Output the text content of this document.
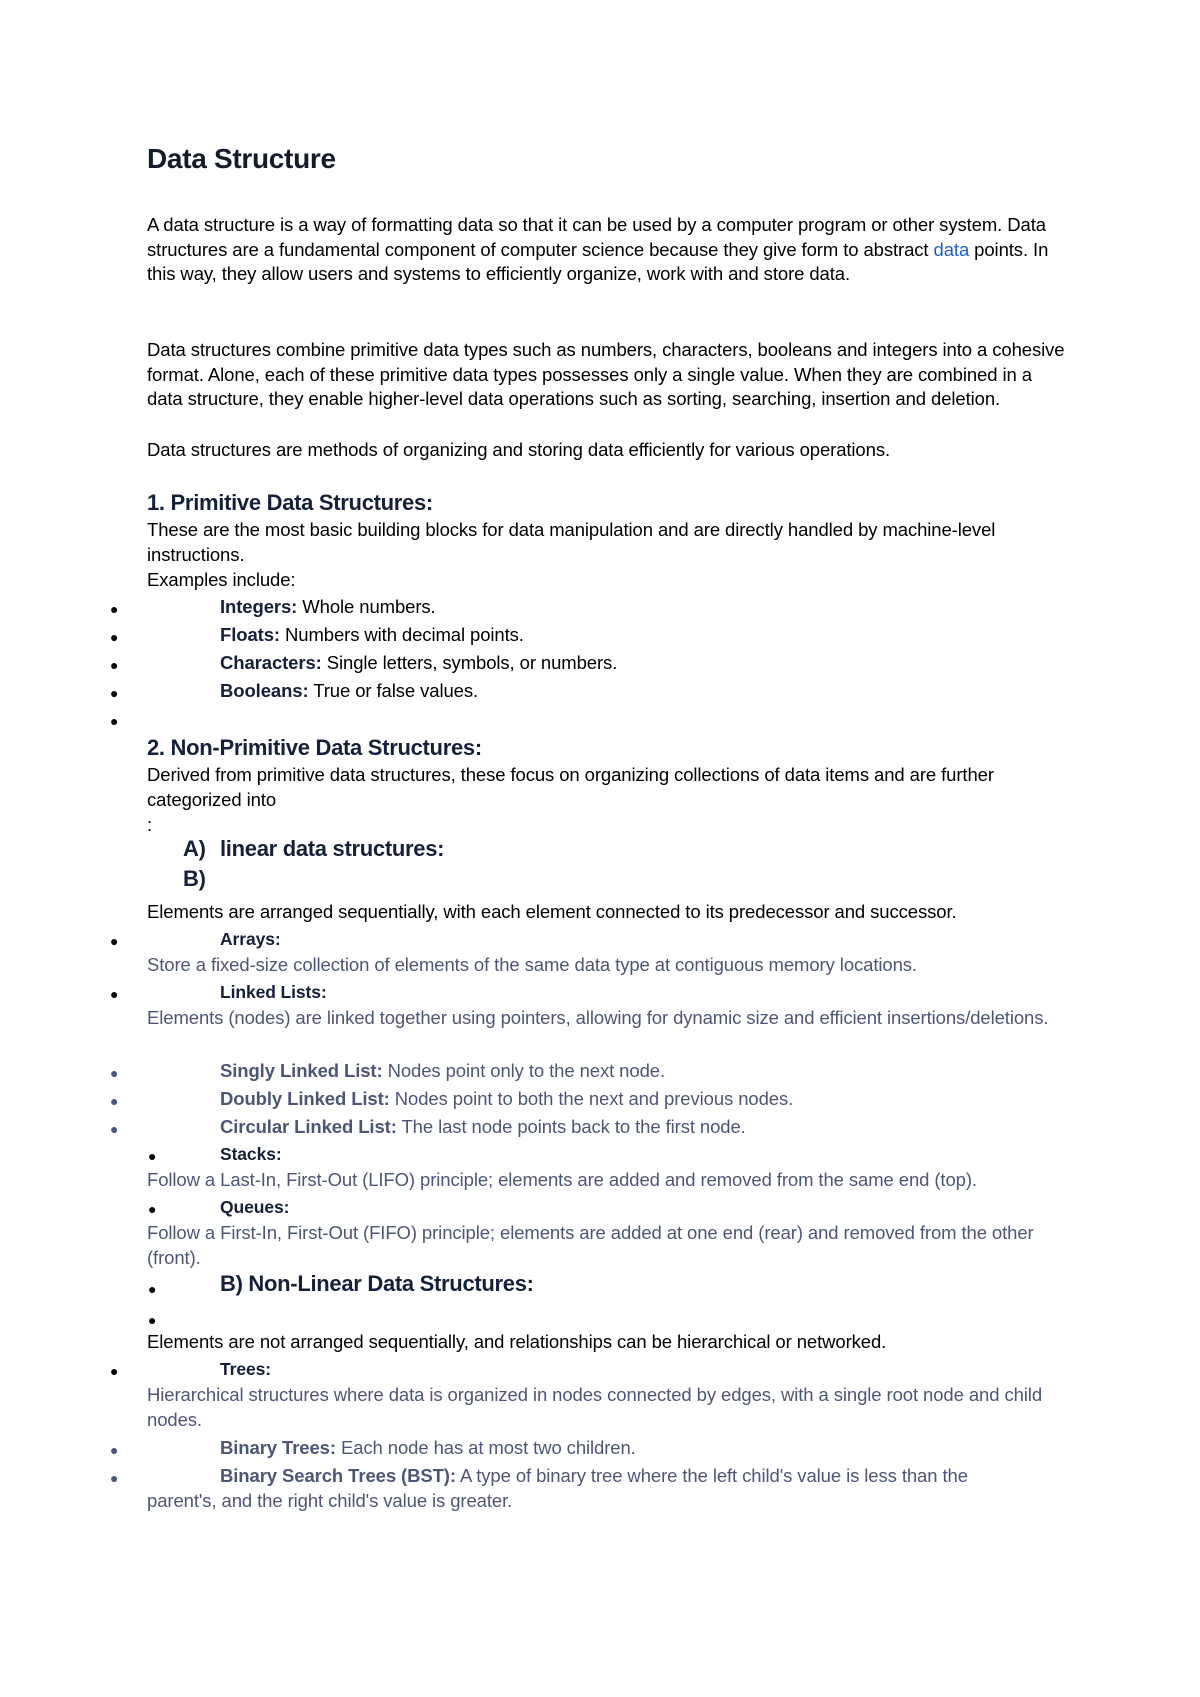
Data Structure

A data structure is a way of formatting data so that it can be used by a computer program or other system. Data structures are a fundamental component of computer science because they give form to abstract data points. In this way, they allow users and systems to efficiently organize, work with and store data.

Data structures combine primitive data types such as numbers, characters, booleans and integers into a cohesive format. Alone, each of these primitive data types possesses only a single value. When they are combined in a data structure, they enable higher-level data operations such as sorting, searching, insertion and deletion.

Data structures are methods of organizing and storing data efficiently for various operations.

1. Primitive Data Structures:

These are the most basic building blocks for data manipulation and are directly handled by machine-level instructions.

Examples include:

●	Integers: Whole numbers.

●	Floats: Numbers with decimal points.

●	Characters: Single letters, symbols, or numbers.

●	Booleans: True or false values.

●
2. Non-Primitive Data Structures:

Derived from primitive data structures, these focus on organizing collections of data items and are further categorized into

:

A) linear data structures:
B)

Elements are arranged sequentially, with each element connected to its predecessor and successor.

●	Arrays:

Store a fixed-size collection of elements of the same data type at contiguous memory locations.

●	Linked Lists:

Elements (nodes) are linked together using pointers, allowing for dynamic size and efficient insertions/deletions.

●	Singly Linked List: Nodes point only to the next node.

●	Doubly Linked List: Nodes point to both the next and previous nodes.

●	Circular Linked List: The last node points back to the first node.

●	Stacks:

Follow a Last-In, First-Out (LIFO) principle; elements are added and removed from the same end (top).

●	Queues:

Follow a First-In, First-Out (FIFO) principle; elements are added at one end (rear) and removed from the other (front).

●	B) Non-Linear Data Structures:
●

Elements are not arranged sequentially, and relationships can be hierarchical or networked.

●	Trees:

Hierarchical structures where data is organized in nodes connected by edges, with a single root node and child nodes.

●	Binary Trees: Each node has at most two children.

●	Binary Search Trees (BST): A type of binary tree where the left child's value is less than the parent's, and the right child's value is greater.
